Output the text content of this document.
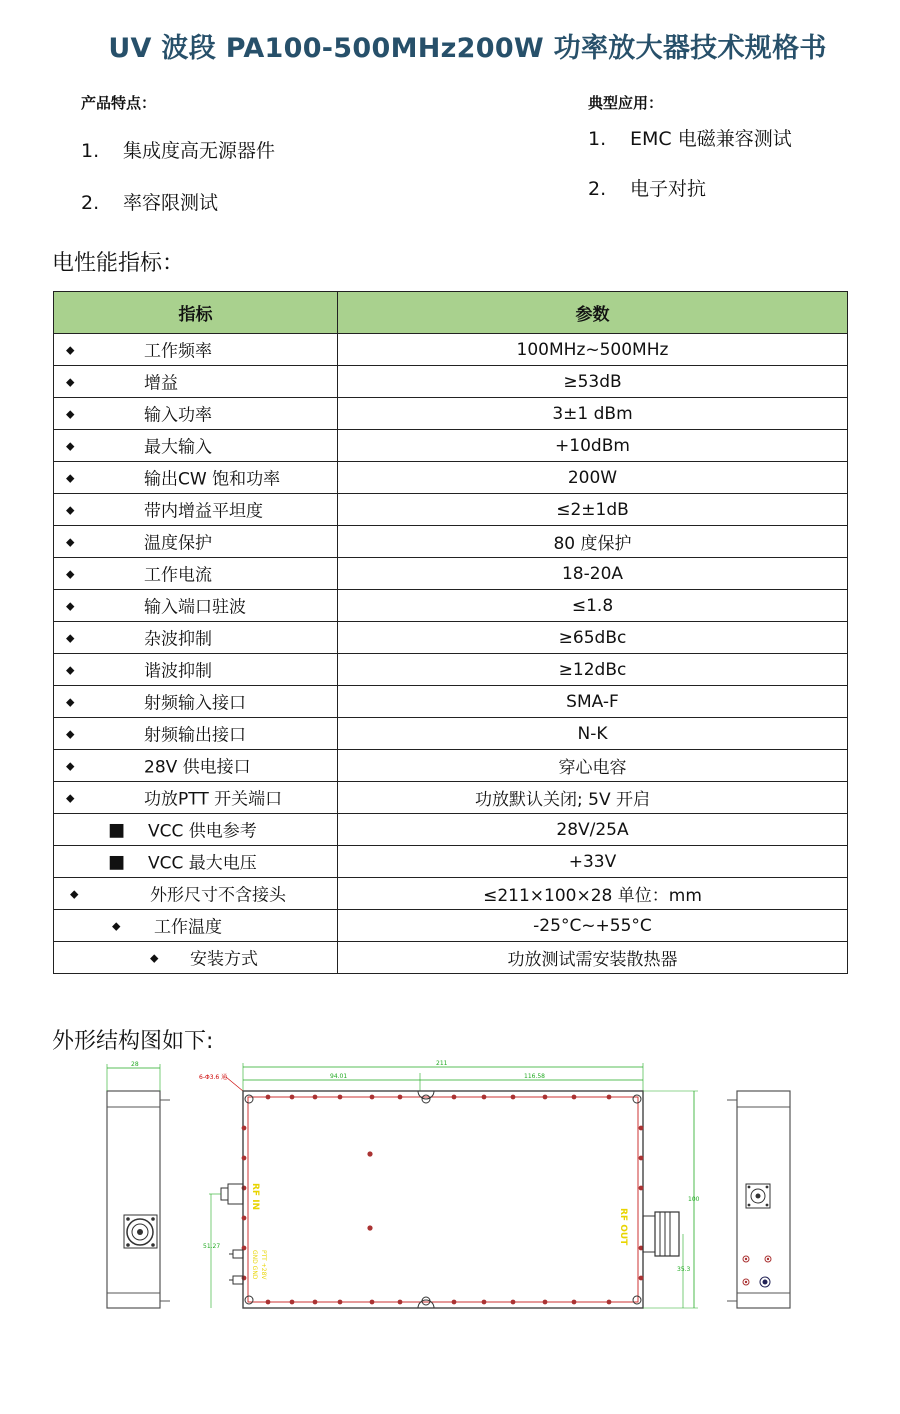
UV 波段 PA100-500MHz200W 功率放大器技术规格书
产品特点：
1. 集成度高无源器件
2. 率容限测试
典型应用：
1. EMC 电磁兼容测试
2. 电子对抗
电性能指标：
指标	参数

◆ 工作频率	100MHz~500MHz

◆ 增益	≥53dB

◆ 输入功率	3±1 dBm

◆ 最大输入	+10dBm

◆ 输出CW 饱和功率	200W

◆ 带内增益平坦度	≤2±1dB

◆ 温度保护	80 度保护

◆ 工作电流	18-20A

◆ 输入端口驻波	≤1.8

◆ 杂波抑制	≥65dBc

◆ 谐波抑制	≥12dBc

◆ 射频输入接口	SMA-F

◆ 射频输出接口	N-K

◆ 28V 供电接口	穿心电容

◆ 功放PTT 开关端口	功放默认关闭; 5V 开启

■ VCC 供电参考	28V/25A

■ VCC 最大电压	+33V

◆ 外形尺寸不含接头	≤211×100×28 单位：mm

◆ 工作温度	-25°C~+55°C

◆ 安装方式	功放测试需安装散热器
外形结构图如下:
28	211
94.01	116.58
6-Φ3.6 通
RF IN
RF OUT
PTT +28V
GND GND
51.27
100
35.3
